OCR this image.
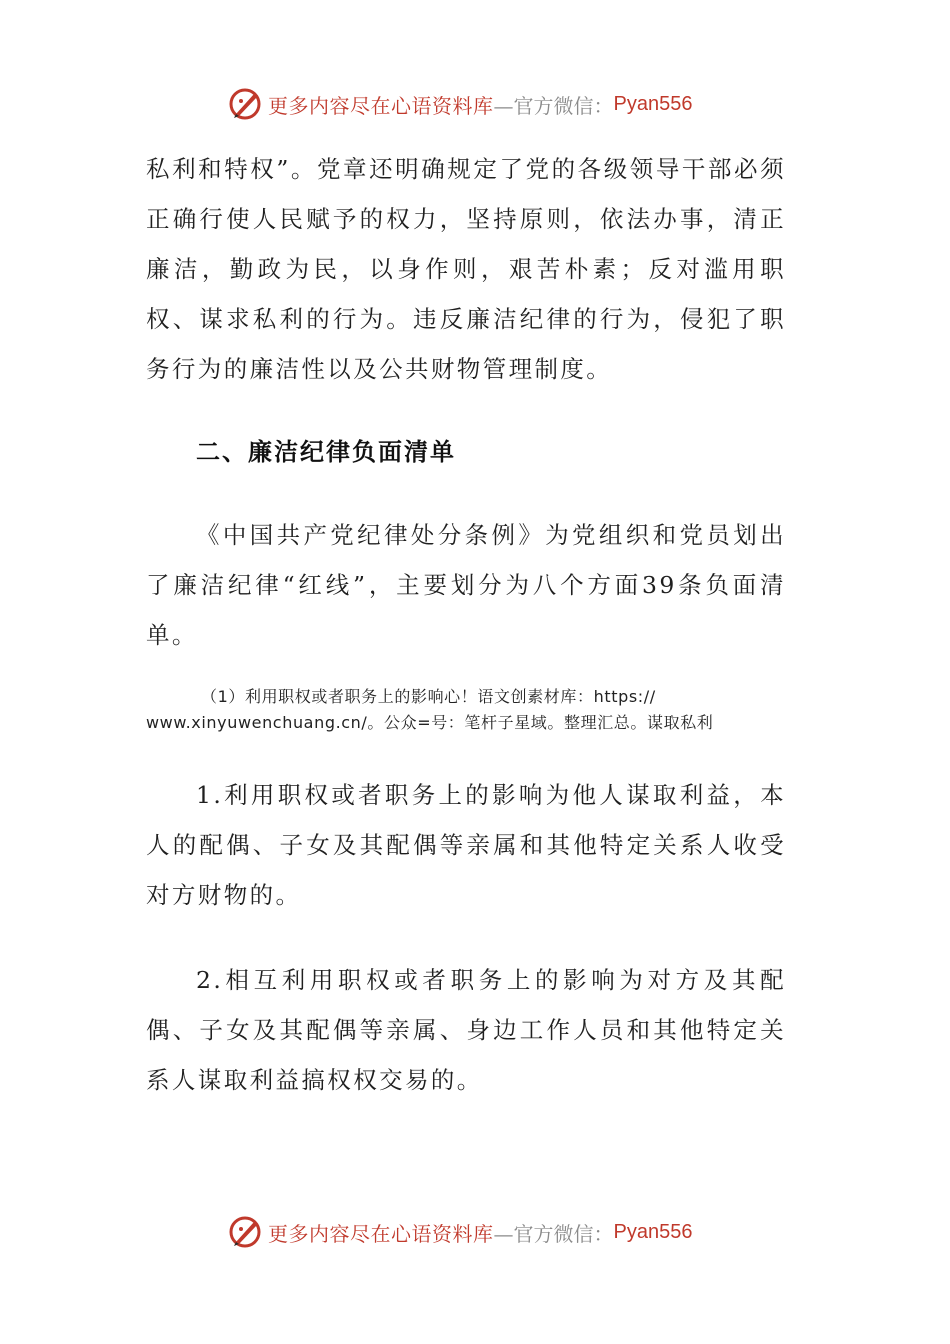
更多内容尽在心语资料库 —官方微信： Pyan556

私利和特权”。党章还明确规定了党的各级领导干部必须正确行使人民赋予的权力，坚持原则，依法办事，清正廉洁，勤政为民，以身作则，艰苦朴素；反对滥用职权、谋求私利的行为。违反廉洁纪律的行为，侵犯了职务行为的廉洁性以及公共财物管理制度。

二、廉洁纪律负面清单

《中国共产党纪律处分条例》为党组织和党员划出了廉洁纪律“红线”，主要划分为八个方面39条负面清单。

（1）利用职权或者职务上的影响心！语文创素材库：https://
www.xinyuwenchuang.cn/。公众=号：笔杆子星域。整理汇总。谋取私利

1.利用职权或者职务上的影响为他人谋取利益，本人的配偶、子女及其配偶等亲属和其他特定关系人收受对方财物的。

2.相互利用职权或者职务上的影响为对方及其配偶、子女及其配偶等亲属、身边工作人员和其他特定关系人谋取利益搞权权交易的。

更多内容尽在心语资料库 —官方微信： Pyan556
